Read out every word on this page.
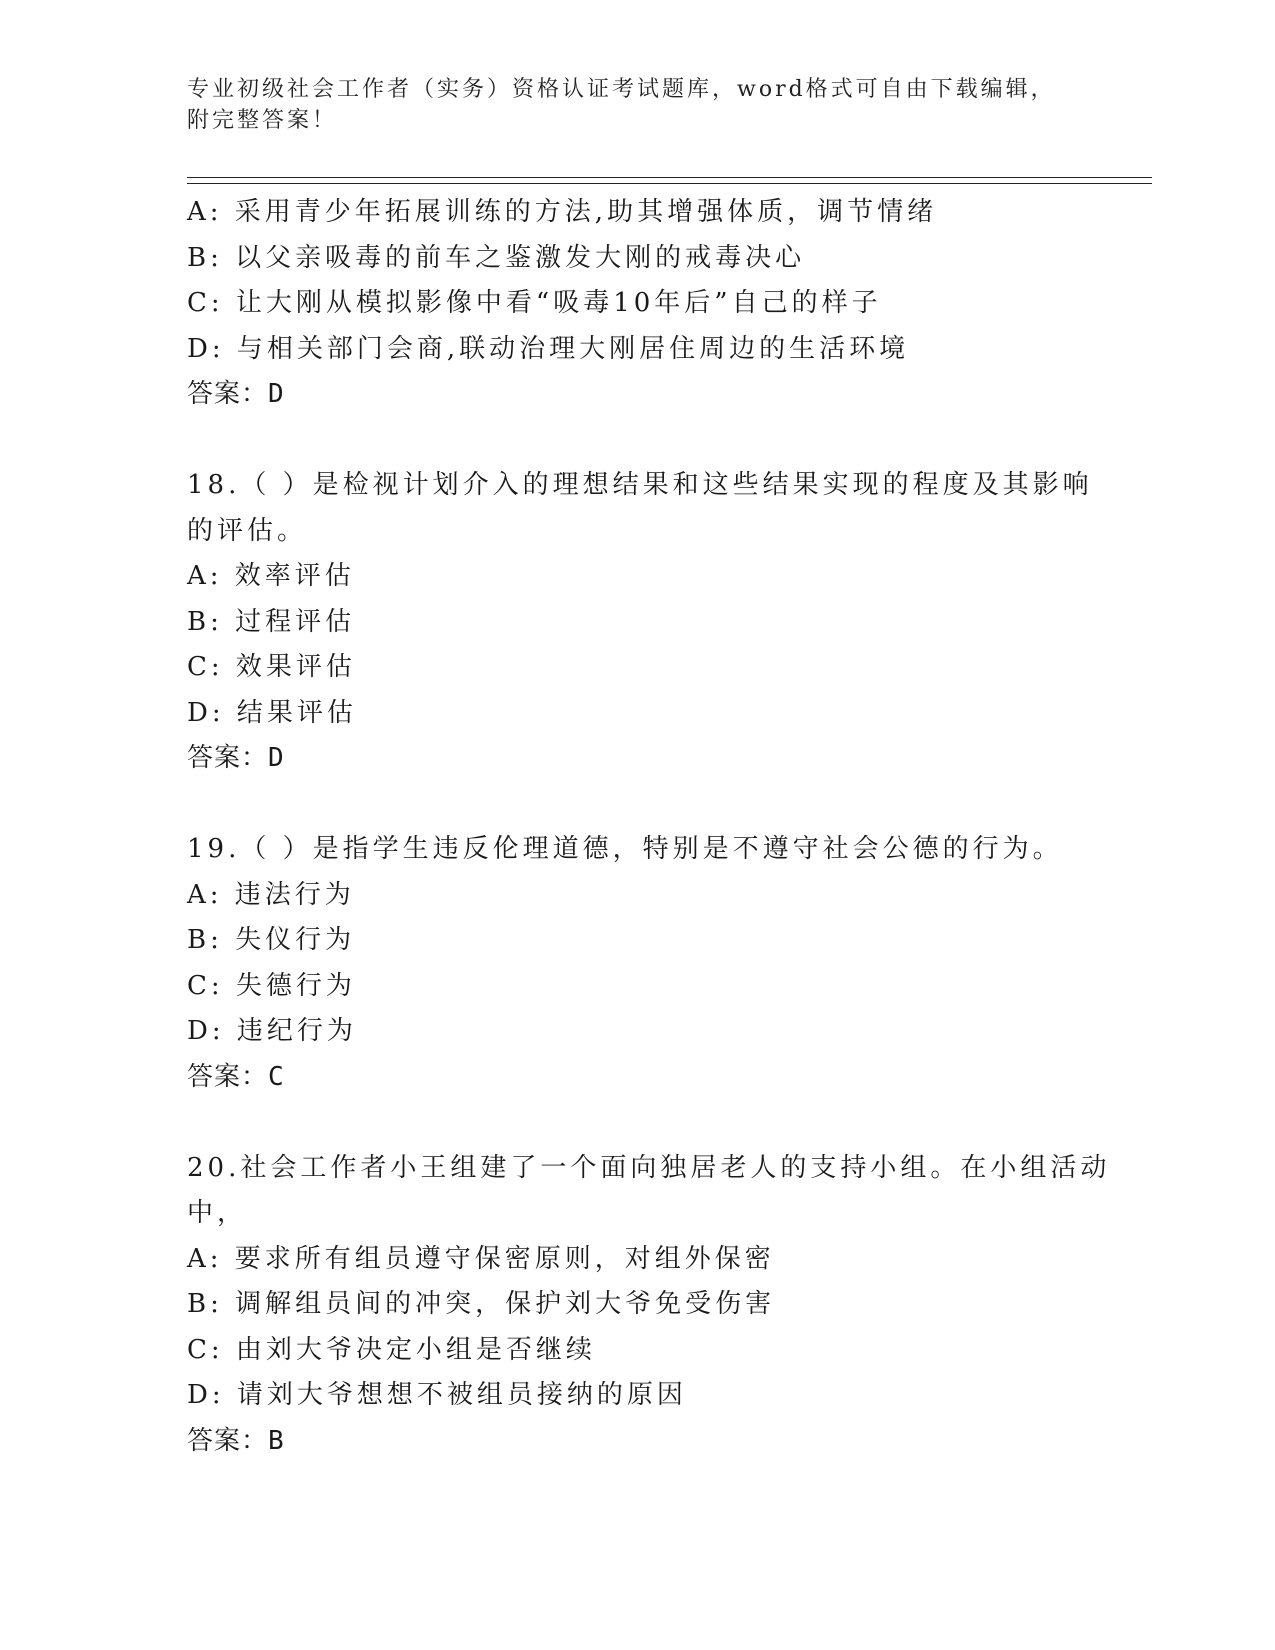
专业初级社会工作者（实务）资格认证考试题库，word格式可自由下载编辑，附完整答案！
A: 采用青少年拓展训练的方法,助其增强体质，调节情绪
B: 以父亲吸毒的前车之鉴激发大刚的戒毒决心
C: 让大刚从模拟影像中看“吸毒10年后”自己的样子
D: 与相关部门会商,联动治理大刚居住周边的生活环境
答案：D
18.（ ）是检视计划介入的理想结果和这些结果实现的程度及其影响
的评估。
A: 效率评估
B: 过程评估
C: 效果评估
D: 结果评估
答案：D
19.（ ）是指学生违反伦理道德，特别是不遵守社会公德的行为。
A: 违法行为
B: 失仪行为
C: 失德行为
D: 违纪行为
答案：C
20.社会工作者小王组建了一个面向独居老人的支持小组。在小组活动
中，
A: 要求所有组员遵守保密原则，对组外保密
B: 调解组员间的冲突，保护刘大爷免受伤害
C: 由刘大爷决定小组是否继续
D: 请刘大爷想想不被组员接纳的原因
答案：B
